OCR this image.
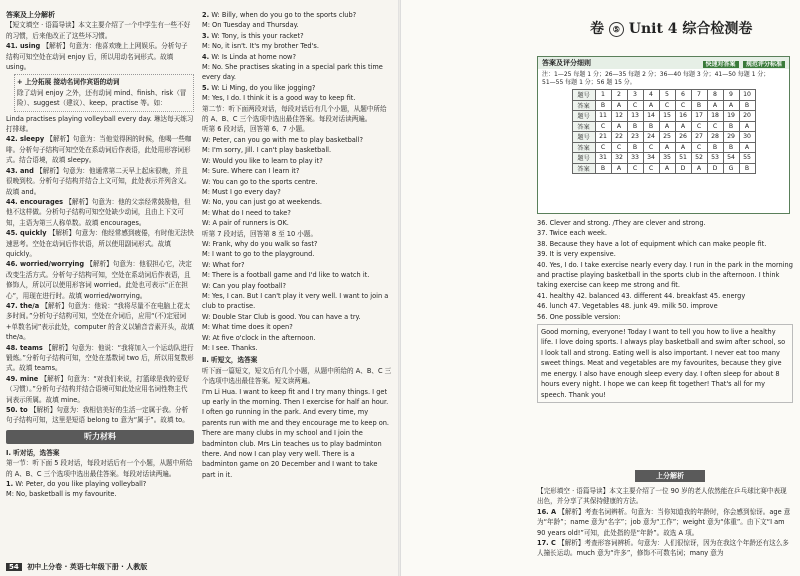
答案及上分解析

【短文填空 · 语篇导读】本文主要介绍了一个中学生有一些不好的习惯，后来他改正了这些坏习惯。

41. using 【解析】句意为：他喜欢晚上上网娱乐。分析句子结构可知空处在动词 enjoy 后，所以用动名词形式。故填 using。

+ 上分拓展 接动名词作宾语的动词
除了动词 enjoy 之外，还有动词 mind、finish、risk（冒险）、suggest（建议）、keep、practise 等。如：

Linda practises playing volleyball every day. 琳达每天练习打排球。

42. sleepy 【解析】句意为：当他觉得困的时候，他喝一些咖啡。分析句子结构可知空处在系动词后作表语，此处用形容词形式。结合语境，故填 sleepy。

43. and 【解析】句意为：他通常第二天早上起床很晚，并且很晚到校。分析句子结构并结合上文可知，此处表示并列含义。故填 and。

44. encourages 【解析】句意为：他的父亲经常鼓励他，但他不这样做。分析句子结构可知空处缺少动词，且由上下文可知，主语为第三人称单数。故填 encourages。

45. quickly 【解析】句意为：他经常感到疲倦，有时他无法快速思考。空处在动词后作状语，所以使用副词形式。故填 quickly。

46. worried/worrying 【解析】句意为：他很担心它，决定改变生活方式。分析句子结构可知，空处在系动词后作表语，且修饰人，所以可以使用形容词 worried。此处也可表示“正在担心”，用现在进行时。故填 worried/worrying。

47. the/a 【解析】句意为：他说：“我将尽量不在电脑上花太多时间。”分析句子结构可知，空处在介词后，应用“(不)定冠词+单数名词”表示此处，computer 的含义以辅音音素开头，故填 the/a。

48. teams 【解析】句意为：他说：“我将加入一个运动队进行锻炼。”分析句子结构可知，空处在基数词 two 后，所以用复数形式。故填 teams。

49. mine 【解析】句意为：“对我们来说，打篮球是我的爱好（习惯）。”分析句子结构并结合语境可知此处应用名词性物主代词表示所属。故填 mine。

50. to 【解析】句意为：我相信美好的生活一定属于我。分析句子结构可知，这里是短语 belong to 意为“属于”。故填 to。

听力材料

Ⅰ. 听对话，选答案

第一节：听下面 5 段对话，每段对话后有一个小题，从题中所给的 A、B、C 三个选项中选出最佳答案。每段对话读两遍。

1. W: Peter, do you like playing volleyball?

M: No, basketball is my favourite.

2. W: Billy, when do you go to the sports club?

M: On Tuesday and Thursday.

3. W: Tony, is this your racket?

M: No, it isn't. It's my brother Ted's.

4. W: Is Linda at home now?

M: No. She practises skating in a special park this time every day.

5. W: Li Ming, do you like jogging?

M: Yes, I do. I think it is a good way to keep fit.

第二节：听下面两段对话，每段对话后有几个小题，从题中所给的 A、B、C 三个选项中选出最佳答案。每段对话读两遍。

听第 6 段对话，回答第 6、7 小题。

W: Peter, can you go with me to play basketball?

M: I'm sorry, Jill. I can't play basketball.

W: Would you like to learn to play it?

M: Sure. Where can I learn it?

W: You can go to the sports centre.

M: Must I go every day?

W: No, you can just go at weekends.

M: What do I need to take?

W: A pair of runners is OK.

听第 7 段对话，回答第 8 至 10 小题。

W: Frank, why do you walk so fast?

M: I want to go to the playground.

W: What for?

M: There is a football game and I'd like to watch it.

W: Can you play football?

M: Yes, I can. But I can't play it very well. I want to join a club to practise.

W: Double Star Club is good. You can have a try.

M: What time does it open?

W: At five o'clock in the afternoon.

M: I see. Thanks.

Ⅱ. 听短文，选答案

听下面一篇短文，短文后有几个小题，从题中所给的 A、B、C 三个选项中选出最佳答案。短文读两遍。

I'm Li Hua. I want to keep fit and I try many things. I get up early in the morning. Then I exercise for half an hour. I often go running in the park. And every time, my parents run with me and they encourage me to keep on. There are many clubs in my school and I join the badminton club. Mrs Lin teaches us to play badminton there. And now I can play very well. There is a badminton game on 20 December and I want to take part in it.

54 初中上分卷 · 英语七年级下册 · 人教版
卷 ⑤ Unit 4 综合检测卷
答案及评分细则	快速对答案 规范评分标准
注：1—25 每题 1 分；26—35 每题 2 分；36—40 每题 3 分；41—50 每题 1 分；
51—55 每题 1 分；56 题 15 分。
题号	1	2	3	4	5	6	7	8	9	10
答案	B	A	C	A	C	C	B	A	A	B
题号	11	12	13	14	15	16	17	18	19	20
答案	C	A	B	B	A	A	C	C	B	A
题号	21	22	23	24	25	26	27	28	29	30
答案	C	C	B	C	A	A	C	B	B	A
题号	31	32	33	34	35	51	52	53	54	55
答案	B	A	C	C	A	D	A	D	G	B
上分解析

【完形填空 · 语篇导读】本文主要介绍了一位 90 岁的老人依然能在乒乓球比赛中表现出色，并分享了其保持健康的方法。

16. A 【解析】考查名词辨析。句意为：当你知道我的年龄时，你会感到惊讶。age 意为“年龄”；name 意为“名字”；job 意为“工作”；weight 意为“体重”。由下文“I am 90 years old!”可知，此处指的是“年龄”。故选 A 项。

17. C 【解析】考查形容词辨析。句意为：人们很惊讶，因为在我这个年龄还有这么多人撞长运动。much 意为“许多”，修饰不可数名词；many 意为

36. Clever and strong. /They are clever and strong.

37. Twice each week.

38. Because they have a lot of equipment which can make people fit.

39. It is very expensive.

40. Yes, I do. I take exercise nearly every day. I run in the park in the morning and practise playing basketball in the sports club in the afternoon. I think taking exercise can keep me strong and fit.

41. healthy 42. balanced 43. different 44. breakfast 45. energy

46. lunch 47. Vegetables 48. junk 49. milk 50. improve

56. One possible version:

Good morning, everyone! Today I want to tell you how to live a healthy life. I love doing sports. I always play basketball and swim after school, so I look tall and strong. Eating well is also important. I never eat too many sweet things. Meat and vegetables are my favourites, because they give me energy. I also have enough sleep every day. I often sleep for about 8 hours every night. I hope we can keep fit together! That's all for my speech. Thank you!
